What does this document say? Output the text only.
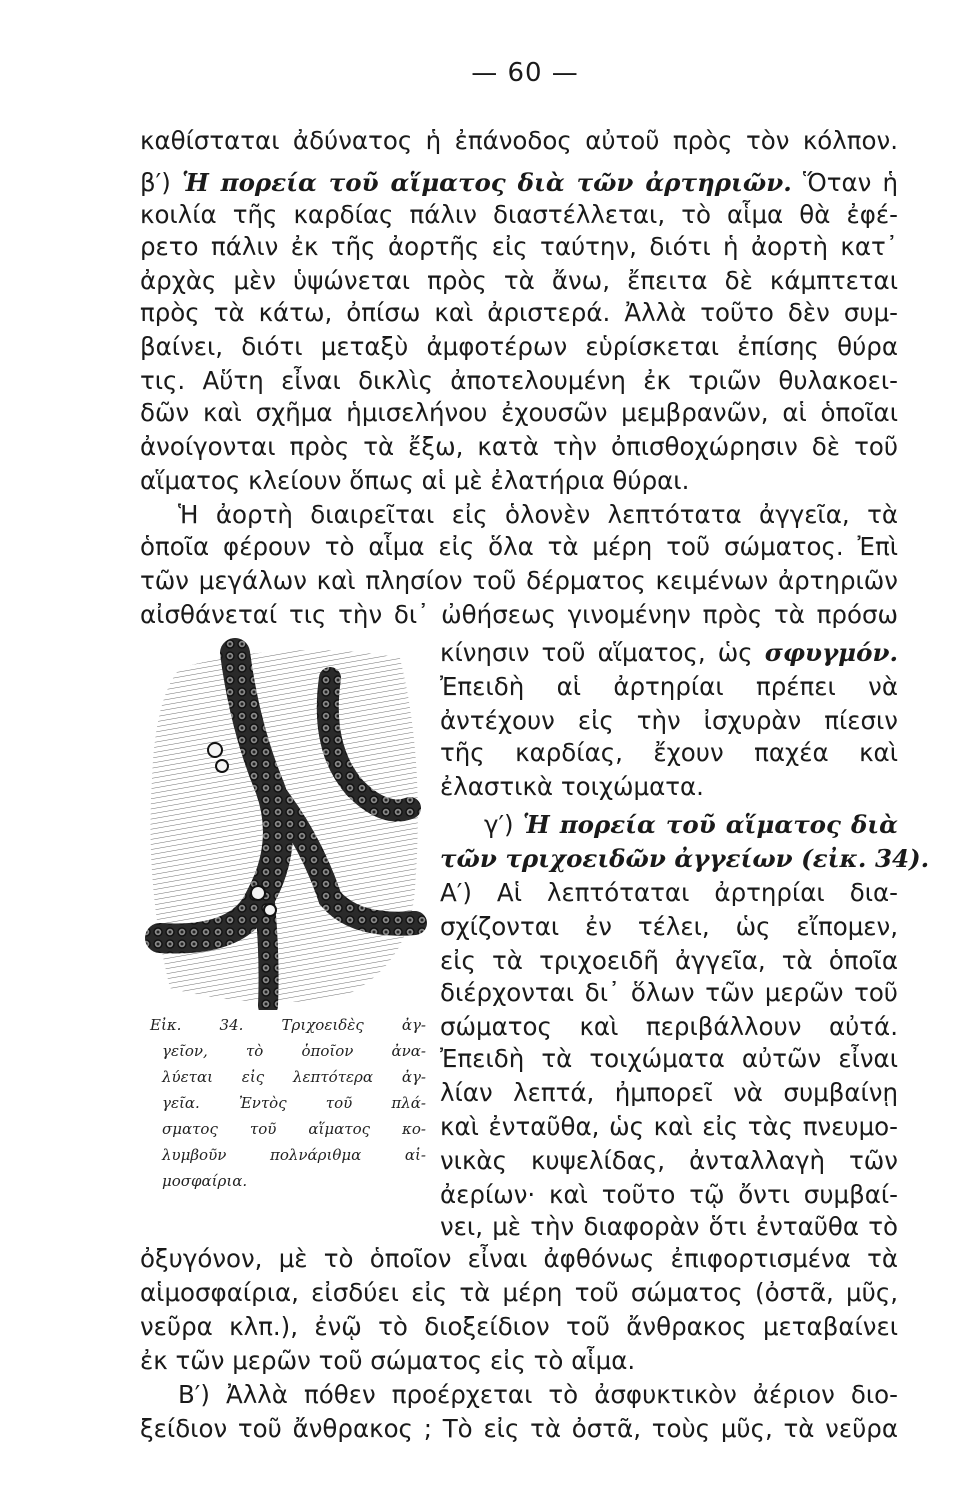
— 60 —
καθίσταται ἀδύνατος ἡ ἐπάνοδος αὐτοῦ πρὸς τὸν κόλπον.
β′) Ἡ πορεία τοῦ αἵματος διὰ τῶν ἀρτηριῶν. Ὅταν ἡ
κοιλία τῆς καρδίας πάλιν διαστέλλεται, τὸ αἷμα θὰ ἐφέ-
ρετο πάλιν ἐκ τῆς ἀορτῆς εἰς ταύτην, διότι ἡ ἀορτὴ κατ᾽
ἀρχὰς μὲν ὑψώνεται πρὸς τὰ ἄνω, ἔπειτα δὲ κάμπτεται
πρὸς τὰ κάτω, ὀπίσω καὶ ἀριστερά. Ἀλλὰ τοῦτο δὲν συμ-
βαίνει, διότι μεταξὺ ἀμφοτέρων εὑρίσκεται ἐπίσης θύρα
τις. Αὕτη εἶναι δικλὶς ἀποτελουμένη ἐκ τριῶν θυλακοει-
δῶν καὶ σχῆμα ἡμισελήνου ἐχουσῶν μεμβρανῶν, αἱ ὁποῖαι
ἀνοίγονται πρὸς τὰ ἔξω, κατὰ τὴν ὀπισθοχώρησιν δὲ τοῦ
αἵματος κλείουν ὅπως αἱ μὲ ἐλατήρια θύραι.
Ἡ ἀορτὴ διαιρεῖται εἰς ὁλονὲν λεπτότατα ἀγγεῖα, τὰ
ὁποῖα φέρουν τὸ αἷμα εἰς ὅλα τὰ μέρη τοῦ σώματος. Ἐπὶ
τῶν μεγάλων καὶ πλησίον τοῦ δέρματος κειμένων ἀρτηριῶν
αἰσθάνεταί τις τὴν δι᾽ ὠθήσεως γινομένην πρὸς τὰ πρόσω
κίνησιν τοῦ αἵματος, ὡς σφυγμόν.
Ἐπειδὴ αἱ ἀρτηρίαι πρέπει νὰ
ἀντέχουν εἰς τὴν ἰσχυρὰν πίεσιν
τῆς καρδίας, ἔχουν παχέα καὶ
ἐλαστικὰ τοιχώματα.
γ′) Ἡ πορεία τοῦ αἵματος διὰ
τῶν τριχοειδῶν ἀγγείων (εἰκ. 34).
Α′) Αἱ λεπτόταται ἀρτηρίαι δια-
σχίζονται ἐν τέλει, ὡς εἴπομεν,
εἰς τὰ τριχοειδῆ ἀγγεῖα, τὰ ὁποῖα
διέρχονται δι᾽ ὅλων τῶν μερῶν τοῦ
σώματος καὶ περιβάλλουν αὐτά.
Ἐπειδὴ τὰ τοιχώματα αὐτῶν εἶναι
λίαν λεπτά, ἠμπορεῖ νὰ συμβαίνῃ
καὶ ἐνταῦθα, ὡς καὶ εἰς τὰς πνευμο-
νικὰς κυψελίδας, ἀνταλλαγὴ τῶν
ἀερίων· καὶ τοῦτο τῷ ὄντι συμβαί-
νει, μὲ τὴν διαφορὰν ὅτι ἐνταῦθα τὸ
ὀξυγόνον, μὲ τὸ ὁποῖον εἶναι ἀφθόνως ἐπιφορτισμένα τὰ
αἱμοσφαίρια, εἰσδύει εἰς τὰ μέρη τοῦ σώματος (ὀστᾶ, μῦς,
νεῦρα κλπ.), ἐνῷ τὸ διοξείδιον τοῦ ἄνθρακος μεταβαίνει
ἐκ τῶν μερῶν τοῦ σώματος εἰς τὸ αἷμα.
Β′) Ἀλλὰ πόθεν προέρχεται τὸ ἀσφυκτικὸν ἀέριον διο-
ξείδιον τοῦ ἄνθρακος ; Τὸ εἰς τὰ ὀστᾶ, τοὺς μῦς, τὰ νεῦρα
Εἰκ. 34. Τριχοειδὲς ἀγ-
γεῖον, τὸ ὁποῖον ἀνα-
λύεται εἰς λεπτότερα ἀγ-
γεῖα. Ἐντὸς τοῦ πλά-
σματος τοῦ αἵματος κο-
λυμβοῦν πολνάριθμα αἱ-
μοσφαίρια.
